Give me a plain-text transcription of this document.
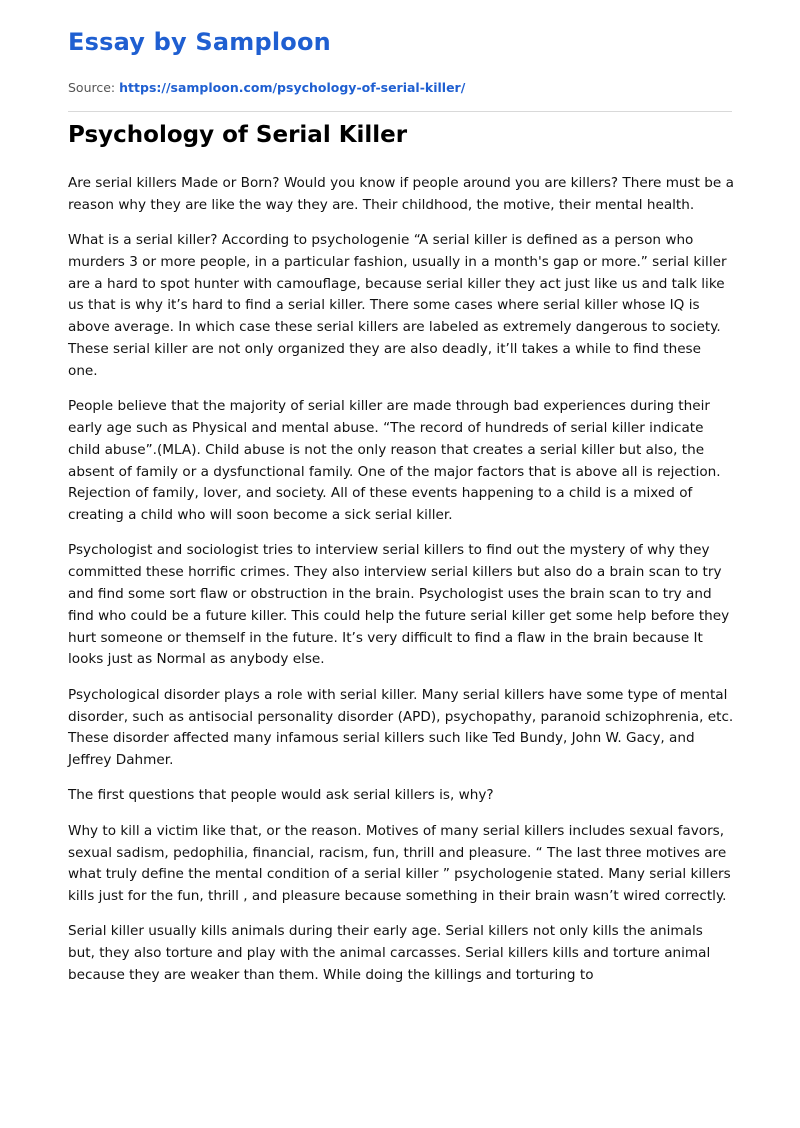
Essay by Samploon
Source: https://samploon.com/psychology-of-serial-killer/
Psychology of Serial Killer

Are serial killers Made or Born? Would you know if people around you are killers? There must be a reason why they are like the way they are. Their childhood, the motive, their mental health.

What is a serial killer? According to psychologenie “A serial killer is defined as a person who murders 3 or more people, in a particular fashion, usually in a month's gap or more.” serial killer are a hard to spot hunter with camouflage, because serial killer they act just like us and talk like us that is why it’s hard to find a serial killer. There some cases where serial killer whose IQ is above average. In which case these serial killers are labeled as extremely dangerous to society. These serial killer are not only organized they are also deadly, it’ll takes a while to find these one.

People believe that the majority of serial killer are made through bad experiences during their early age such as Physical and mental abuse. “The record of hundreds of serial killer indicate child abuse”.(MLA). Child abuse is not the only reason that creates a serial killer but also, the absent of family or a dysfunctional family. One of the major factors that is above all is rejection. Rejection of family, lover, and society. All of these events happening to a child is a mixed of creating a child who will soon become a sick serial killer.

Psychologist and sociologist tries to interview serial killers to find out the mystery of why they committed these horrific crimes. They also interview serial killers but also do a brain scan to try and find some sort flaw or obstruction in the brain. Psychologist uses the brain scan to try and find who could be a future killer. This could help the future serial killer get some help before they hurt someone or themself in the future. It’s very difficult to find a flaw in the brain because It looks just as Normal as anybody else.

Psychological disorder plays a role with serial killer. Many serial killers have some type of mental disorder, such as antisocial personality disorder (APD), psychopathy, paranoid schizophrenia, etc. These disorder affected many infamous serial killers such like Ted Bundy, John W. Gacy, and Jeffrey Dahmer.

The first questions that people would ask serial killers is, why?

Why to kill a victim like that, or the reason. Motives of many serial killers includes sexual favors, sexual sadism, pedophilia, financial, racism, fun, thrill and pleasure. “ The last three motives are what truly define the mental condition of a serial killer ” psychologenie stated. Many serial killers kills just for the fun, thrill , and pleasure because something in their brain wasn’t wired correctly.

Serial killer usually kills animals during their early age. Serial killers not only kills the animals but, they also torture and play with the animal carcasses. Serial killers kills and torture animal because they are weaker than them. While doing the killings and torturing to
